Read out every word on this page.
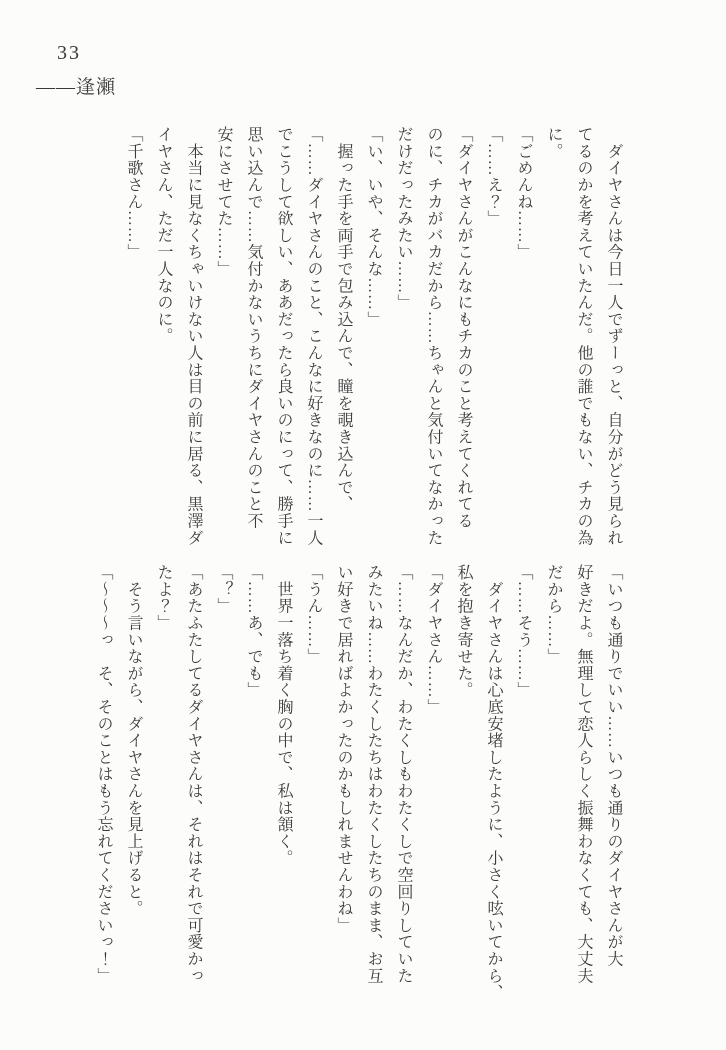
33
――逢瀬

　ダイヤさんは今日一人でずーっと、自分がどう見られ

てるのかを考えていたんだ。他の誰でもない、チカの為

に。

「ごめんね……」

「……え？」

「ダイヤさんがこんなにもチカのこと考えてくれてる

のに、チカがバカだから……ちゃんと気付いてなかった

だけだったみたい……」

「い、いや、そんな……」

　握った手を両手で包み込んで、瞳を覗き込んで、

「……ダイヤさんのこと、こんなに好きなのに……一人

でこうして欲しい、ああだったら良いのにって、勝手に

思い込んで……気付かないうちにダイヤさんのこと不

安にさせてた……」

　本当に見なくちゃいけない人は目の前に居る、黒澤ダ

イヤさん、ただ一人なのに。

「千歌さん……」

「いつも通りでいい……いつも通りのダイヤさんが大

好きだよ。無理して恋人らしく振舞わなくても、大丈夫

だから……」

「……そう……」

　ダイヤさんは心底安堵したように、小さく呟いてから、

私を抱き寄せた。

「ダイヤさん……」

「……なんだか、わたくしもわたくしで空回りしていた

みたいね……わたくしたちはわたくしたちのまま、お互

い好きで居ればよかったのかもしれませんわね」

「うん……」

　世界一落ち着く胸の中で、私は頷く。

「……あ、でも」

「？」

「あたふたしてるダイヤさんは、それはそれで可愛かっ

たよ？」

　そう言いながら、ダイヤさんを見上げると。

「〜〜〜っ　そ、そのことはもう忘れてくださいっ！」
